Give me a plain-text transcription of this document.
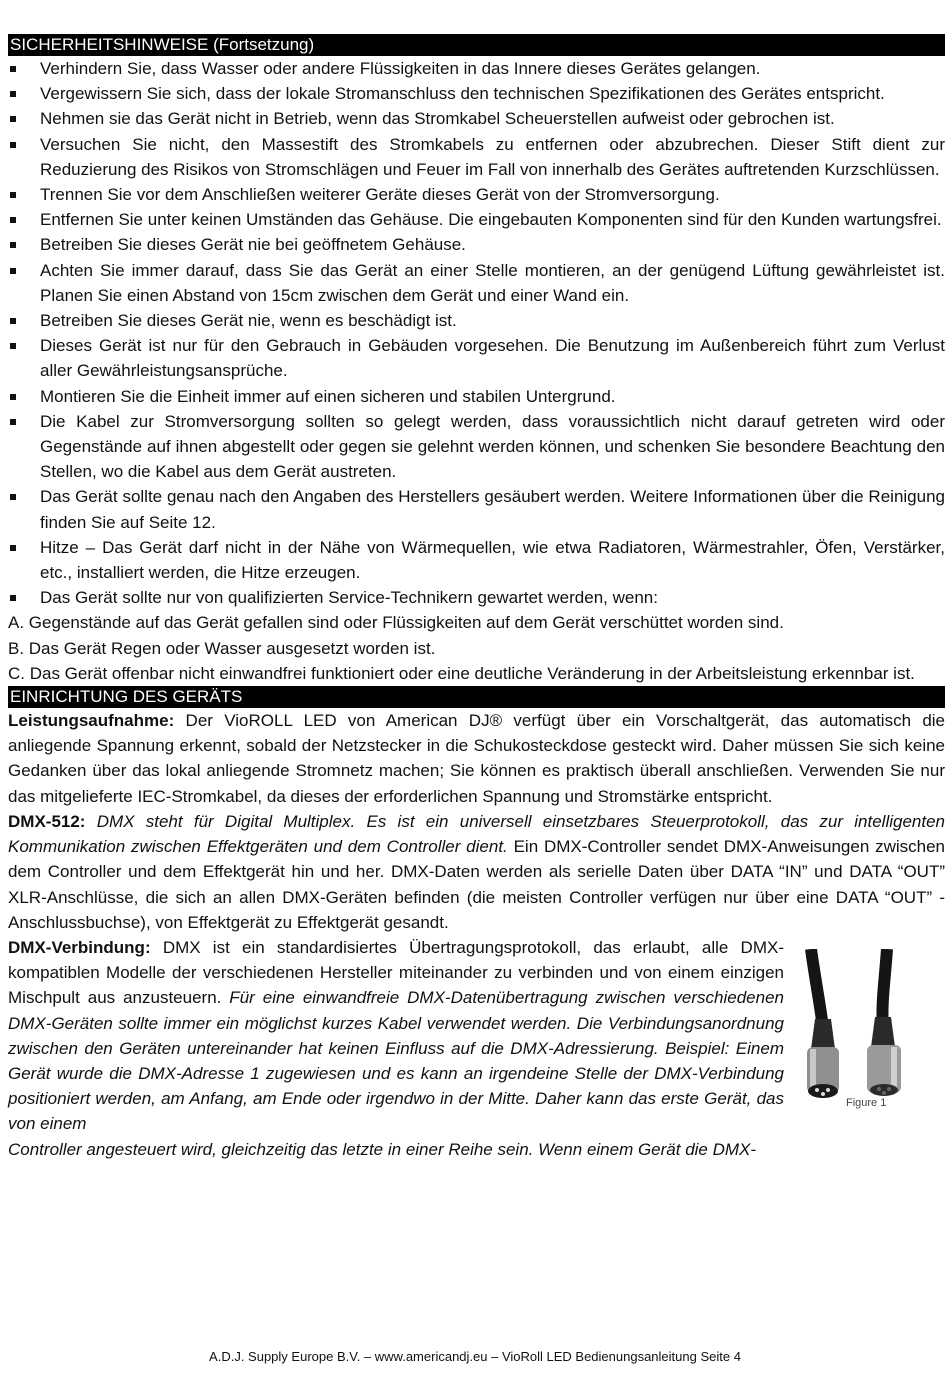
SICHERHEITSHINWEISE (Fortsetzung)
Verhindern Sie, dass Wasser oder andere Flüssigkeiten in das Innere dieses Gerätes gelangen.
Vergewissern Sie sich, dass der lokale Stromanschluss den technischen Spezifikationen des Gerätes entspricht.
Nehmen sie das Gerät nicht in Betrieb, wenn das Stromkabel Scheuerstellen aufweist oder gebrochen ist.
Versuchen Sie nicht, den Massestift des Stromkabels zu entfernen oder abzubrechen. Dieser Stift dient zur Reduzierung des Risikos von Stromschlägen und Feuer im Fall von innerhalb des Gerätes auftretenden Kurzschlüssen.
Trennen Sie vor dem Anschließen weiterer Geräte dieses Gerät von der Stromversorgung.
Entfernen Sie unter keinen Umständen das Gehäuse. Die eingebauten Komponenten sind für den Kunden wartungsfrei.
Betreiben Sie dieses Gerät nie bei geöffnetem Gehäuse.
Achten Sie immer darauf, dass Sie das Gerät an einer Stelle montieren, an der genügend Lüftung gewährleistet ist. Planen Sie einen Abstand von 15cm zwischen dem Gerät und einer Wand ein.
Betreiben Sie dieses Gerät nie, wenn es beschädigt ist.
Dieses Gerät ist nur für den Gebrauch in Gebäuden vorgesehen. Die Benutzung im Außenbereich führt zum Verlust aller Gewährleistungsansprüche.
Montieren Sie die Einheit immer auf einen sicheren und stabilen Untergrund.
Die Kabel zur Stromversorgung sollten so gelegt werden, dass voraussichtlich nicht darauf getreten wird oder Gegenstände auf ihnen abgestellt oder gegen sie gelehnt werden können, und schenken Sie besondere Beachtung den Stellen, wo die Kabel aus dem Gerät austreten.
Das Gerät sollte genau nach den Angaben des Herstellers gesäubert werden. Weitere Informationen über die Reinigung finden Sie auf Seite 12.
Hitze – Das Gerät darf nicht in der Nähe von Wärmequellen, wie etwa Radiatoren, Wärmestrahler, Öfen, Verstärker, etc., installiert werden, die Hitze erzeugen.
Das Gerät sollte nur von qualifizierten Service-Technikern gewartet werden, wenn:
A. Gegenstände auf das Gerät gefallen sind oder Flüssigkeiten auf dem Gerät verschüttet worden sind.
B. Das Gerät Regen oder Wasser ausgesetzt worden ist.
C. Das Gerät offenbar nicht einwandfrei funktioniert oder eine deutliche Veränderung in der Arbeitsleistung erkennbar ist.
EINRICHTUNG DES GERÄTS
Leistungsaufnahme: Der VioROLL LED von American DJ® verfügt über ein Vorschaltgerät, das automatisch die anliegende Spannung erkennt, sobald der Netzstecker in die Schukosteckdose gesteckt wird. Daher müssen Sie sich keine Gedanken über das lokal anliegende Stromnetz machen; Sie können es praktisch überall anschließen. Verwenden Sie nur das mitgelieferte IEC-Stromkabel, da dieses der erforderlichen Spannung und Stromstärke entspricht.
DMX-512: DMX steht für Digital Multiplex. Es ist ein universell einsetzbares Steuerprotokoll, das zur intelligenten Kommunikation zwischen Effektgeräten und dem Controller dient. Ein DMX-Controller sendet DMX-Anweisungen zwischen dem Controller und dem Effektgerät hin und her. DMX-Daten werden als serielle Daten über DATA “IN” und DATA “OUT” XLR-Anschlüsse, die sich an allen DMX-Geräten befinden (die meisten Controller verfügen nur über eine DATA “OUT” - Anschlussbuchse), von Effektgerät zu Effektgerät gesandt.
DMX-Verbindung: DMX ist ein standardisiertes Übertragungsprotokoll, das erlaubt, alle DMX-kompatiblen Modelle der verschiedenen Hersteller miteinander zu verbinden und von einem einzigen Mischpult aus anzusteuern. Für eine einwandfreie DMX-Datenübertragung zwischen verschiedenen DMX-Geräten sollte immer ein möglichst kurzes Kabel verwendet werden. Die Verbindungsanordnung zwischen den Geräten untereinander hat keinen Einfluss auf die DMX-Adressierung. Beispiel: Einem Gerät wurde die DMX-Adresse 1 zugewiesen und es kann an irgendeine Stelle der DMX-Verbindung positioniert werden, am Anfang, am Ende oder irgendwo in der Mitte. Daher kann das erste Gerät, das von einem
Controller angesteuert wird, gleichzeitig das letzte in einer Reihe sein. Wenn einem Gerät die DMX-
Figure 1
A.D.J. Supply Europe B.V. – www.americandj.eu – VioRoll LED Bedienungsanleitung Seite 4
